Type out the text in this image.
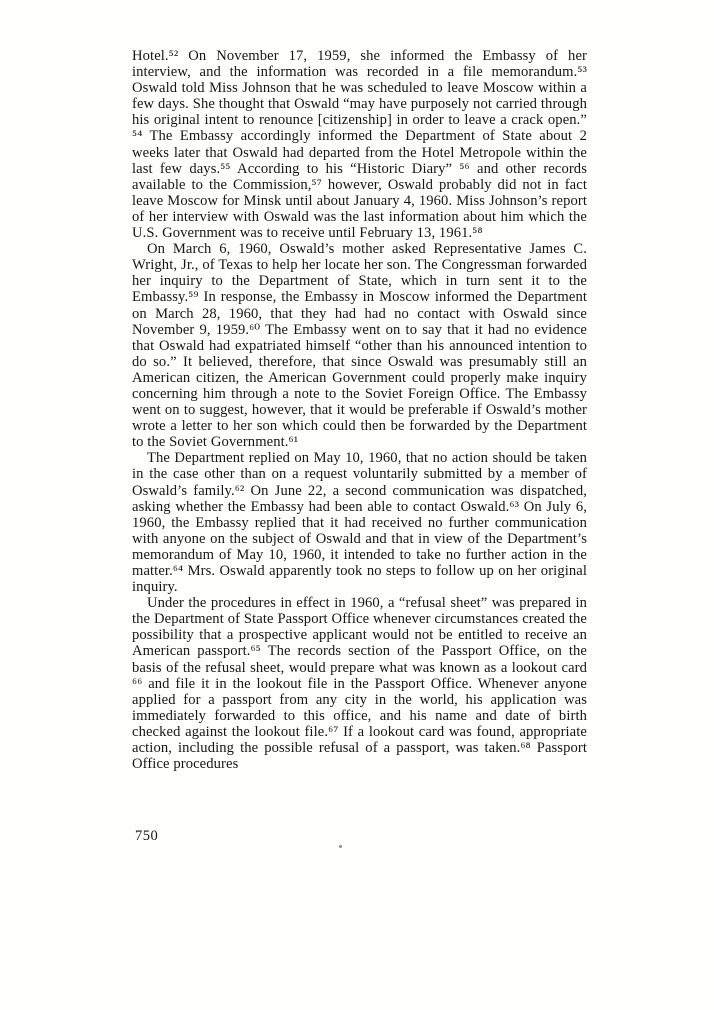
Hotel.⁵² On November 17, 1959, she informed the Embassy of her interview, and the information was recorded in a file memorandum.⁵³ Oswald told Miss Johnson that he was scheduled to leave Moscow within a few days. She thought that Oswald “may have purposely not carried through his original intent to renounce [citizenship] in order to leave a crack open.” ⁵⁴ The Embassy accordingly informed the Department of State about 2 weeks later that Oswald had departed from the Hotel Metropole within the last few days.⁵⁵ According to his “Historic Diary” ⁵⁶ and other records available to the Commission,⁵⁷ however, Oswald probably did not in fact leave Moscow for Minsk until about January 4, 1960. Miss Johnson’s report of her interview with Oswald was the last information about him which the U.S. Government was to receive until February 13, 1961.⁵⁸

On March 6, 1960, Oswald’s mother asked Representative James C. Wright, Jr., of Texas to help her locate her son. The Congressman forwarded her inquiry to the Department of State, which in turn sent it to the Embassy.⁵⁹ In response, the Embassy in Moscow informed the Department on March 28, 1960, that they had had no contact with Oswald since November 9, 1959.⁶⁰ The Embassy went on to say that it had no evidence that Oswald had expatriated himself “other than his announced intention to do so.” It believed, therefore, that since Oswald was presumably still an American citizen, the American Government could properly make inquiry concerning him through a note to the Soviet Foreign Office. The Embassy went on to suggest, however, that it would be preferable if Oswald’s mother wrote a letter to her son which could then be forwarded by the Department to the Soviet Government.⁶¹

The Department replied on May 10, 1960, that no action should be taken in the case other than on a request voluntarily submitted by a member of Oswald’s family.⁶² On June 22, a second communication was dispatched, asking whether the Embassy had been able to contact Oswald.⁶³ On July 6, 1960, the Embassy replied that it had received no further communication with anyone on the subject of Oswald and that in view of the Department’s memorandum of May 10, 1960, it intended to take no further action in the matter.⁶⁴ Mrs. Oswald apparently took no steps to follow up on her original inquiry.

Under the procedures in effect in 1960, a “refusal sheet” was prepared in the Department of State Passport Office whenever circumstances created the possibility that a prospective applicant would not be entitled to receive an American passport.⁶⁵ The records section of the Passport Office, on the basis of the refusal sheet, would prepare what was known as a lookout card ⁶⁶ and file it in the lookout file in the Passport Office. Whenever anyone applied for a passport from any city in the world, his application was immediately forwarded to this office, and his name and date of birth checked against the lookout file.⁶⁷ If a lookout card was found, appropriate action, including the possible refusal of a passport, was taken.⁶⁸ Passport Office procedures

750
